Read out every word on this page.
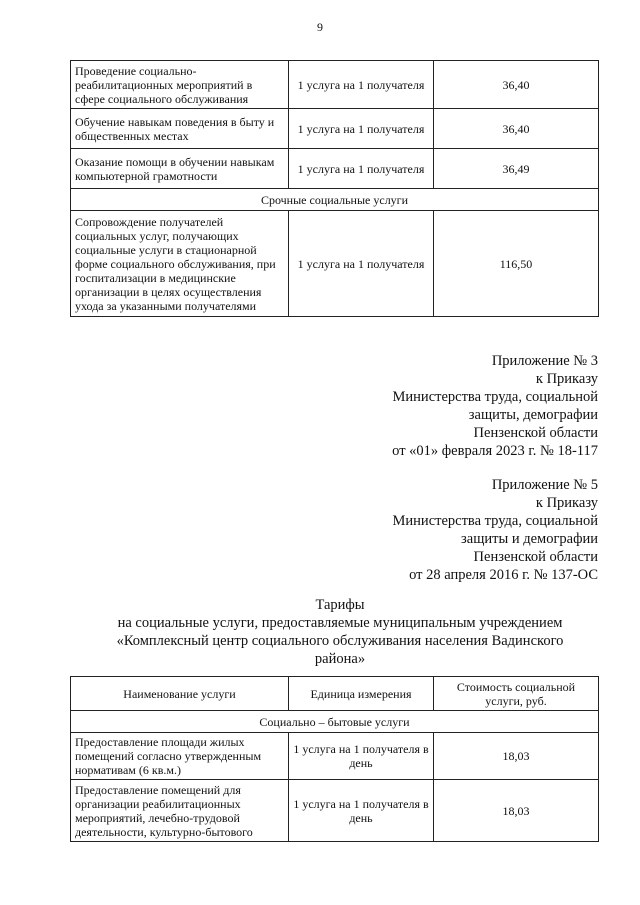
9
Проведение социально-реабилитационных мероприятий в сфере социального обслуживания	1 услуга на 1 получателя	36,40
Обучение навыкам поведения в быту и общественных местах	1 услуга на 1 получателя	36,40
Оказание помощи в обучении навыкам компьютерной грамотности	1 услуга на 1 получателя	36,49
Срочные социальные услуги		
Сопровождение получателей социальных услуг, получающих социальные услуги в стационарной форме социального обслуживания, при госпитализации в медицинские организации в целях осуществления ухода за указанными получателями	1 услуга на 1 получателя	116,50
Приложение № 3
к Приказу
Министерства труда, социальной
защиты, демографии
Пензенской области
от «01» февраля 2023 г. № 18-117
Приложение № 5
к Приказу
Министерства труда, социальной
защиты и демографии
Пензенской области
от 28 апреля 2016 г. № 137-ОС
Тарифы
на социальные услуги, предоставляемые муниципальным учреждением
«Комплексный центр социального обслуживания населения Вадинского района»
Наименование услуги	Единица измерения	Стоимость социальной услуги, руб.
Социально – бытовые услуги		
Предоставление площади жилых помещений согласно утвержденным нормативам (6 кв.м.)	1 услуга на 1 получателя в день	18,03
Предоставление помещений для организации реабилитационных мероприятий, лечебно-трудовой деятельности, культурно-бытового	1 услуга на 1 получателя в день	18,03
